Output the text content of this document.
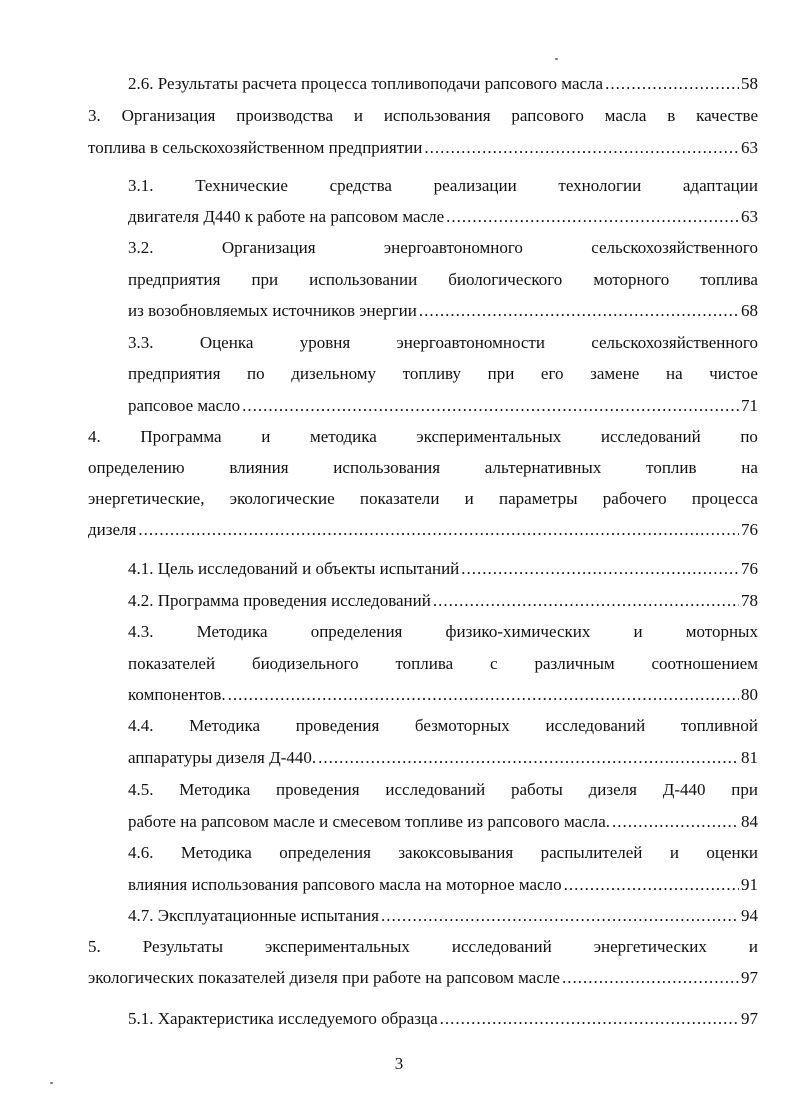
2.6. Результаты расчета процесса топливоподачи рапсового масла .....	58
3. Организация производства и использования рапсового масла в качестве
топлива в сельскохозяйственном предприятии .....	63
3.1. Технические средства реализации технологии адаптации
двигателя Д440 к работе на рапсовом масле .....	63
3.2.	Организация	энергоавтономного	сельскохозяйственного
предприятия при использовании биологического моторного топлива
из возобновляемых источников энергии .....	68
3.3.	Оценка	уровня	энергоавтономности	сельскохозяйственного
предприятия по дизельному топливу при его замене на чистое
рапсовое масло .....	71
4. Программа и методика экспериментальных исследований по
определению	влияния	использования	альтернативных	топлив	на
энергетические, экологические показатели и параметры рабочего процесса
дизеля .....	76
4.1. Цель исследований и объекты испытаний .....	76
4.2. Программа проведения исследований .....	78
4.3.	Методика	определения	физико-химических	и	моторных
показателей биодизельного топлива с различным соотношением
компонентов. .....	80
4.4. Методика проведения безмоторных исследований топливной
аппаратуры дизеля Д-440. .....	81
4.5. Методика проведения исследований работы дизеля Д-440 при
работе на рапсовом масле и смесевом топливе из рапсового масла. .....	84
4.6. Методика определения закоксовывания распылителей и оценки
влияния использования рапсового масла на моторное масло .....	91
4.7. Эксплуатационные испытания .....	94
5. Результаты экспериментальных исследований энергетических и
экологических показателей дизеля при работе на рапсовом масле .....	97
5.1. Характеристика исследуемого образца .....	97
3
